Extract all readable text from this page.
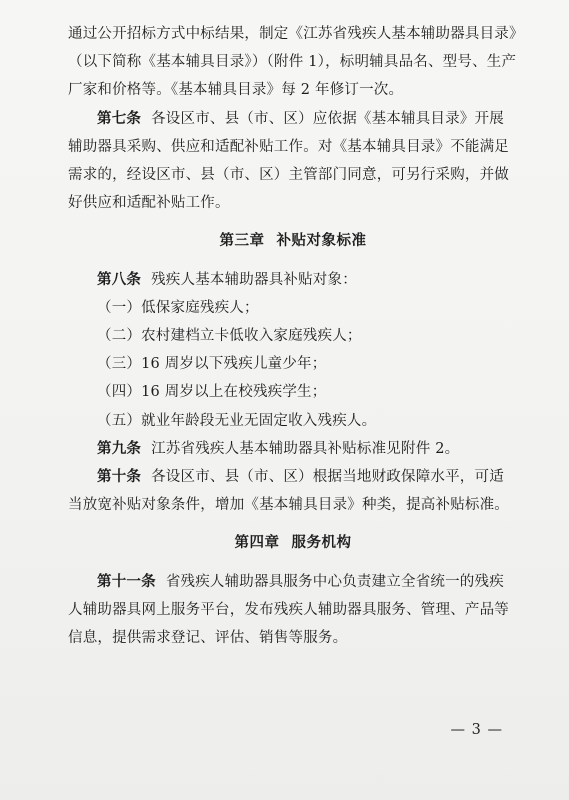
通过公开招标方式中标结果，制定《江苏省残疾人基本辅助器具目录》（以下简称《基本辅具目录》）（附件 1），标明辅具品名、型号、生产厂家和价格等。《基本辅具目录》每 2 年修订一次。

第七条 各设区市、县（市、区）应依据《基本辅具目录》开展辅助器具采购、供应和适配补贴工作。对《基本辅具目录》不能满足需求的，经设区市、县（市、区）主管部门同意，可另行采购，并做好供应和适配补贴工作。

第三章 补贴对象标准

第八条 残疾人基本辅助器具补贴对象：

（一）低保家庭残疾人；

（二）农村建档立卡低收入家庭残疾人；

（三）16 周岁以下残疾儿童少年；

（四）16 周岁以上在校残疾学生；

（五）就业年龄段无业无固定收入残疾人。

第九条 江苏省残疾人基本辅助器具补贴标准见附件 2。

第十条 各设区市、县（市、区）根据当地财政保障水平，可适当放宽补贴对象条件，增加《基本辅具目录》种类，提高补贴标准。

第四章 服务机构

第十一条 省残疾人辅助器具服务中心负责建立全省统一的残疾人辅助器具网上服务平台，发布残疾人辅助器具服务、管理、产品等信息，提供需求登记、评估、销售等服务。

— 3 —
